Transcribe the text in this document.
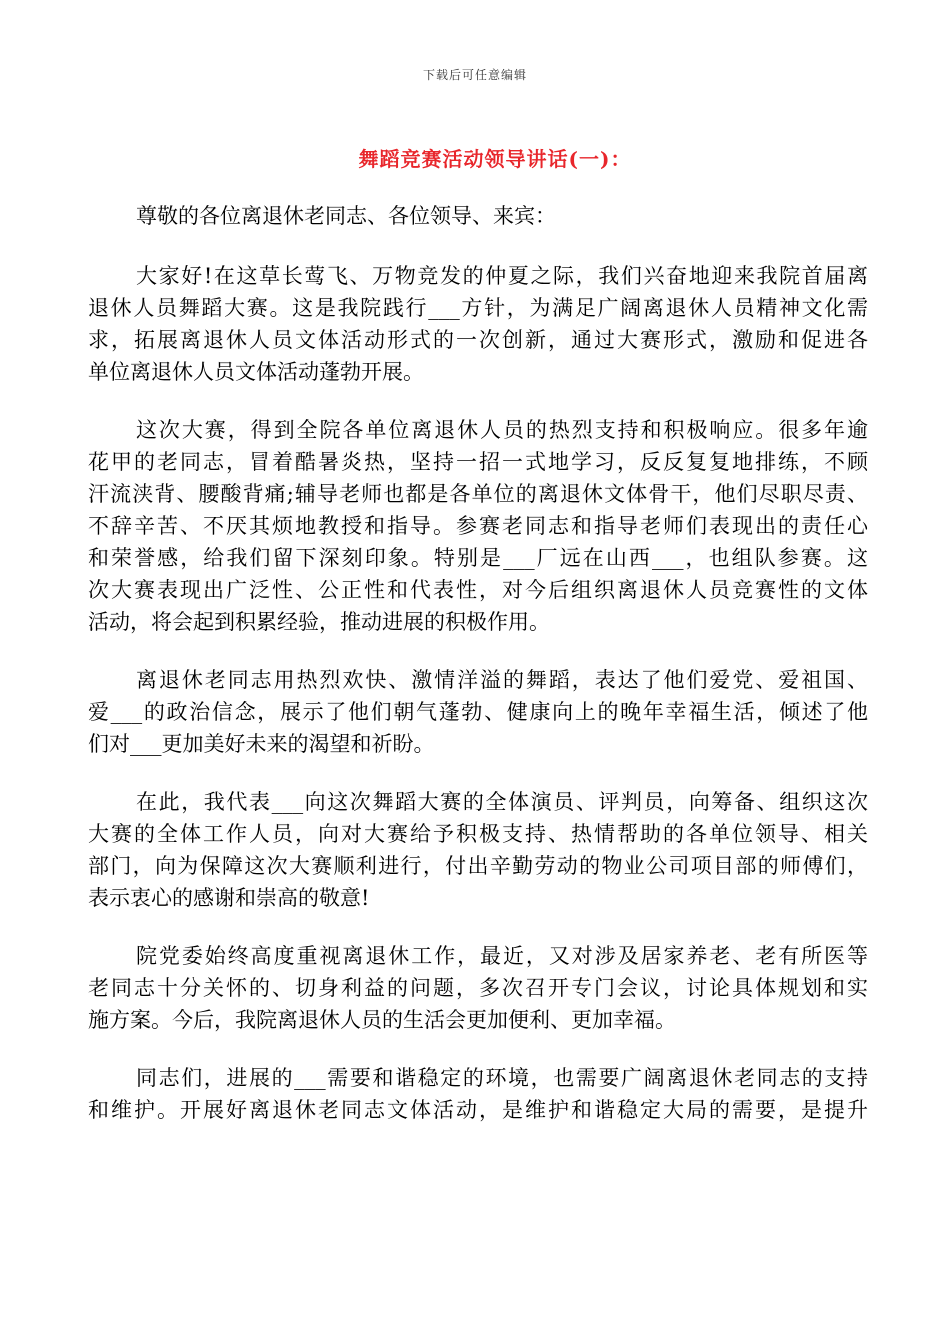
下载后可任意编辑
舞蹈竞赛活动领导讲话(一)：
尊敬的各位离退休老同志、各位领导、来宾：
大家好!在这草长莺飞、万物竞发的仲夏之际，我们兴奋地迎来我院首届离
退休人员舞蹈大赛。这是我院践行___方针，为满足广阔离退休人员精神文化需
求，拓展离退休人员文体活动形式的一次创新，通过大赛形式，激励和促进各
单位离退休人员文体活动蓬勃开展。
这次大赛，得到全院各单位离退休人员的热烈支持和积极响应。很多年逾
花甲的老同志，冒着酷暑炎热，坚持一招一式地学习，反反复复地排练，不顾
汗流浃背、腰酸背痛;辅导老师也都是各单位的离退休文体骨干，他们尽职尽责、
不辞辛苦、不厌其烦地教授和指导。参赛老同志和指导老师们表现出的责任心
和荣誉感，给我们留下深刻印象。特别是___厂远在山西___，也组队参赛。这
次大赛表现出广泛性、公正性和代表性，对今后组织离退休人员竞赛性的文体
活动，将会起到积累经验，推动进展的积极作用。
离退休老同志用热烈欢快、激情洋溢的舞蹈，表达了他们爱党、爱祖国、
爱___的政治信念，展示了他们朝气蓬勃、健康向上的晚年幸福生活，倾述了他
们对___更加美好未来的渴望和祈盼。
在此，我代表___向这次舞蹈大赛的全体演员、评判员，向筹备、组织这次
大赛的全体工作人员，向对大赛给予积极支持、热情帮助的各单位领导、相关
部门，向为保障这次大赛顺利进行，付出辛勤劳动的物业公司项目部的师傅们，
表示衷心的感谢和崇高的敬意!
院党委始终高度重视离退休工作，最近，又对涉及居家养老、老有所医等
老同志十分关怀的、切身利益的问题，多次召开专门会议，讨论具体规划和实
施方案。今后，我院离退休人员的生活会更加便利、更加幸福。
同志们，进展的___需要和谐稳定的环境，也需要广阔离退休老同志的支持
和维护。开展好离退休老同志文体活动，是维护和谐稳定大局的需要，是提升
